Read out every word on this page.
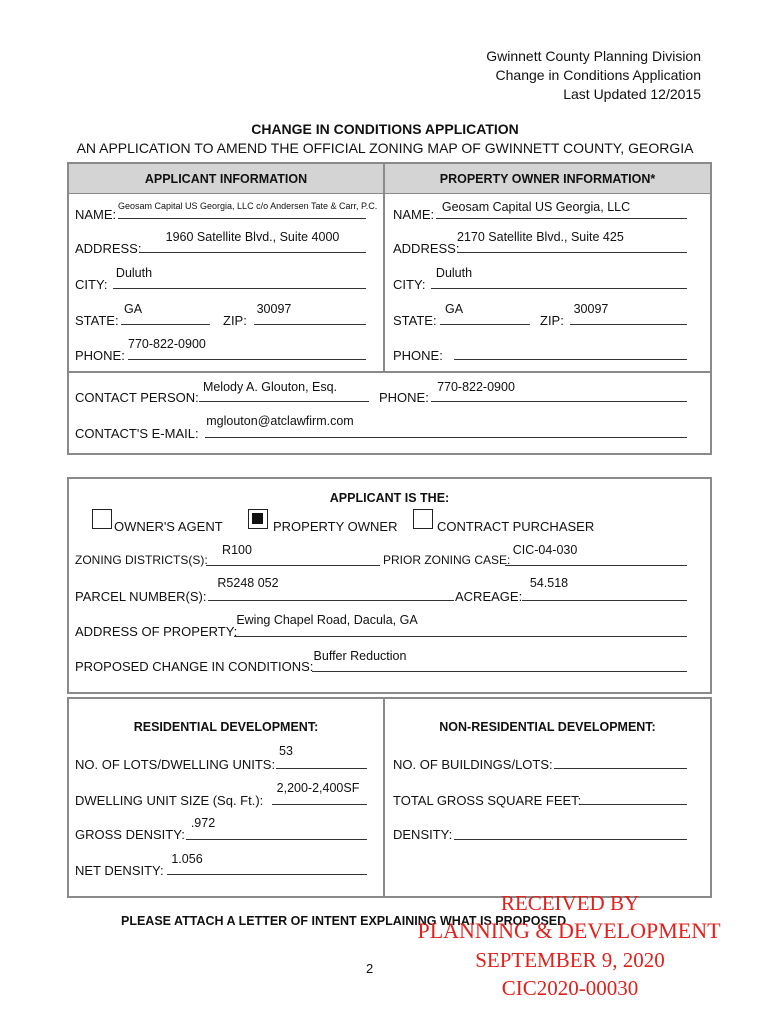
Gwinnett County Planning Division
Change in Conditions Application
Last Updated 12/2015
CHANGE IN CONDITIONS APPLICATION
AN APPLICATION TO AMEND THE OFFICIAL ZONING MAP OF GWINNETT COUNTY, GEORGIA
APPLICANT INFORMATION	PROPERTY OWNER INFORMATION*
NAME:
Geosam Capital US Georgia, LLC c/o Andersen Tate & Carr, P.C.
ADDRESS:
1960 Satellite Blvd., Suite 4000
CITY:
Duluth
STATE:
GA
ZIP:
30097
PHONE:
770-822-0900
NAME: Geosam Capital US Georgia, LLC
ADDRESS:
2170 Satellite Blvd., Suite 425
CITY:
Duluth
STATE:
GA
ZIP:
30097
PHONE:
CONTACT PERSON:
Melody A. Glouton, Esq.
PHONE:
770-822-0900
CONTACT'S E-MAIL:
mglouton@atclawfirm.com
APPLICANT IS THE:
OWNER'S AGENT	PROPERTY OWNER	CONTRACT PURCHASER
ZONING DISTRICTS(S):
R100
PRIOR ZONING CASE:
CIC-04-030
PARCEL NUMBER(S):
R5248 052
ACREAGE:
54.518
ADDRESS OF PROPERTY:
Ewing Chapel Road, Dacula, GA
PROPOSED CHANGE IN CONDITIONS:
Buffer Reduction
RESIDENTIAL DEVELOPMENT:	NON-RESIDENTIAL DEVELOPMENT:
NO. OF LOTS/DWELLING UNITS:
53
DWELLING UNIT SIZE (Sq. Ft.):
2,200-2,400SF
GROSS DENSITY:
.972
NET DENSITY:
1.056
NO. OF BUILDINGS/LOTS:
TOTAL GROSS SQUARE FEET:
DENSITY:
PLEASE ATTACH A LETTER OF INTENT EXPLAINING WHAT IS PROPOSED
2
RECEIVED BY
PLANNING & DEVELOPMENT
SEPTEMBER 9, 2020
CIC2020-00030
